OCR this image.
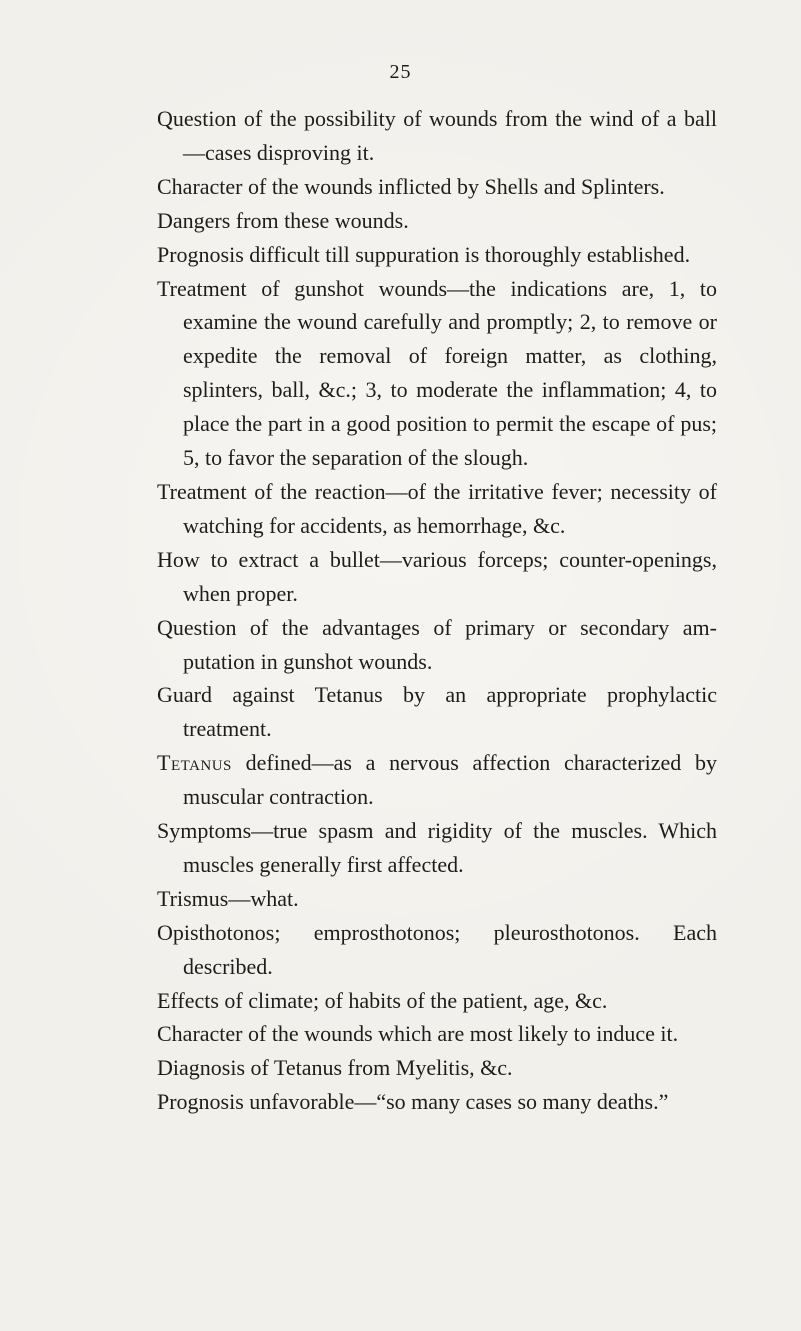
25

Question of the possibility of wounds from the wind of a ball—cases disproving it.

Character of the wounds inflicted by Shells and Splinters.

Dangers from these wounds.

Prognosis difficult till suppuration is thoroughly established.

Treatment of gunshot wounds—the indications are, 1, to examine the wound carefully and promptly; 2, to remove or expedite the removal of foreign matter, as clothing, splinters, ball, &c.; 3, to moderate the inflammation; 4, to place the part in a good position to permit the escape of pus; 5, to favor the separation of the slough.

Treatment of the reaction—of the irritative fever; necessity of watching for accidents, as hemorrhage, &c.

How to extract a bullet—various forceps; counter-openings, when proper.

Question of the advantages of primary or secondary amputation in gunshot wounds.

Guard against Tetanus by an appropriate prophylactic treatment.

Tetanus defined—as a nervous affection characterized by muscular contraction.

Symptoms—true spasm and rigidity of the muscles. Which muscles generally first affected.

Trismus—what.

Opisthotonos; emprosthotonos; pleurosthotonos. Each described.

Effects of climate; of habits of the patient, age, &c.

Character of the wounds which are most likely to induce it.

Diagnosis of Tetanus from Myelitis, &c.

Prognosis unfavorable—“so many cases so many deaths.”
